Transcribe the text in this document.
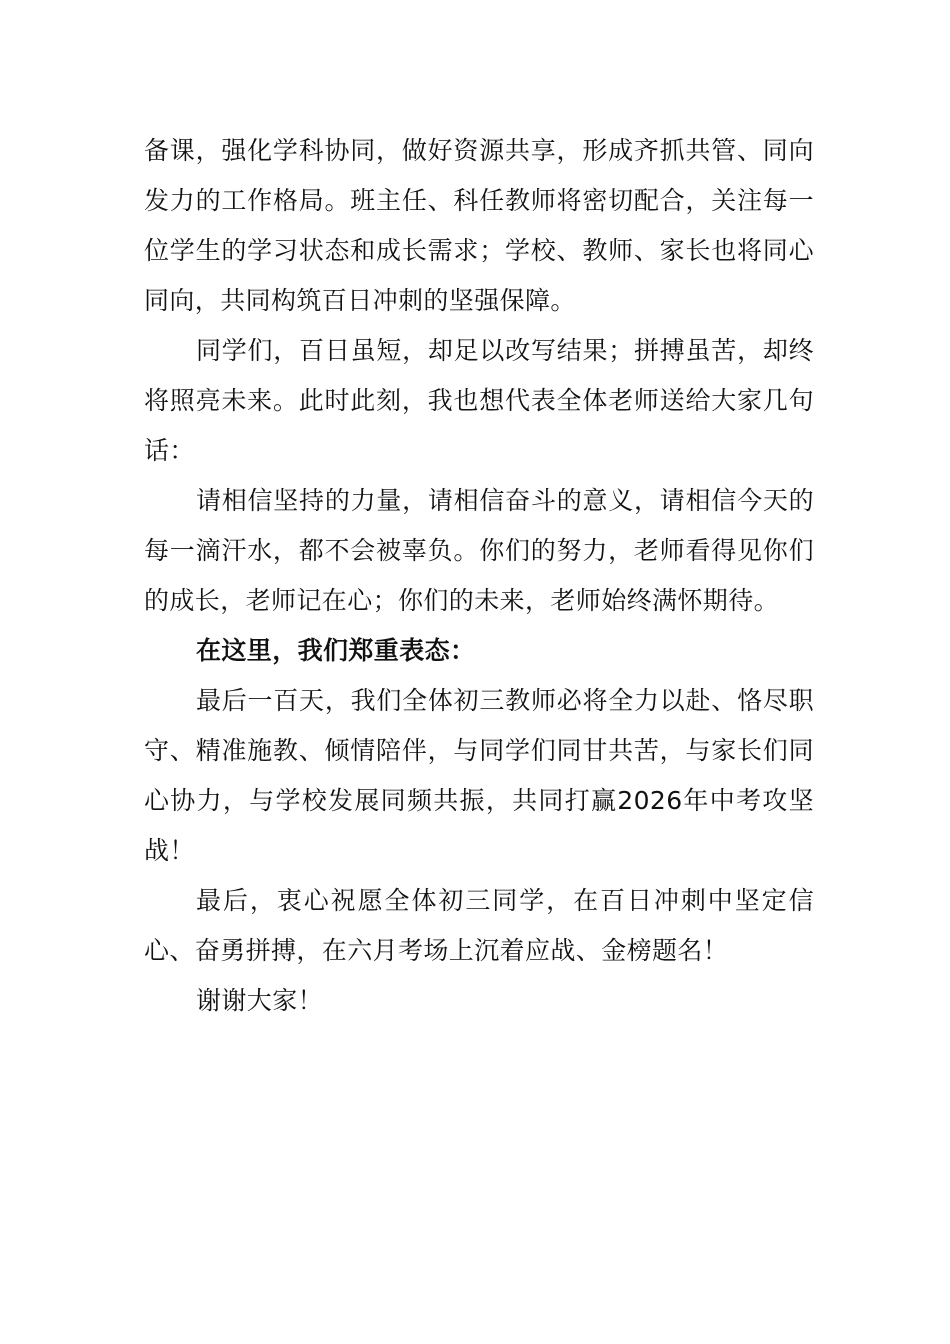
备课，强化学科协同，做好资源共享，形成齐抓共管、同向发力的工作格局。班主任、科任教师将密切配合，关注每一位学生的学习状态和成长需求；学校、教师、家长也将同心同向，共同构筑百日冲刺的坚强保障。

同学们，百日虽短，却足以改写结果；拼搏虽苦，却终将照亮未来。此时此刻，我也想代表全体老师送给大家几句话：

请相信坚持的力量，请相信奋斗的意义，请相信今天的每一滴汗水，都不会被辜负。你们的努力，老师看得见你们的成长，老师记在心；你们的未来，老师始终满怀期待。

在这里，我们郑重表态：

最后一百天，我们全体初三教师必将全力以赴、恪尽职守、精准施教、倾情陪伴，与同学们同甘共苦，与家长们同心协力，与学校发展同频共振，共同打赢2026年中考攻坚战！

最后，衷心祝愿全体初三同学，在百日冲刺中坚定信心、奋勇拼搏，在六月考场上沉着应战、金榜题名！

谢谢大家！
